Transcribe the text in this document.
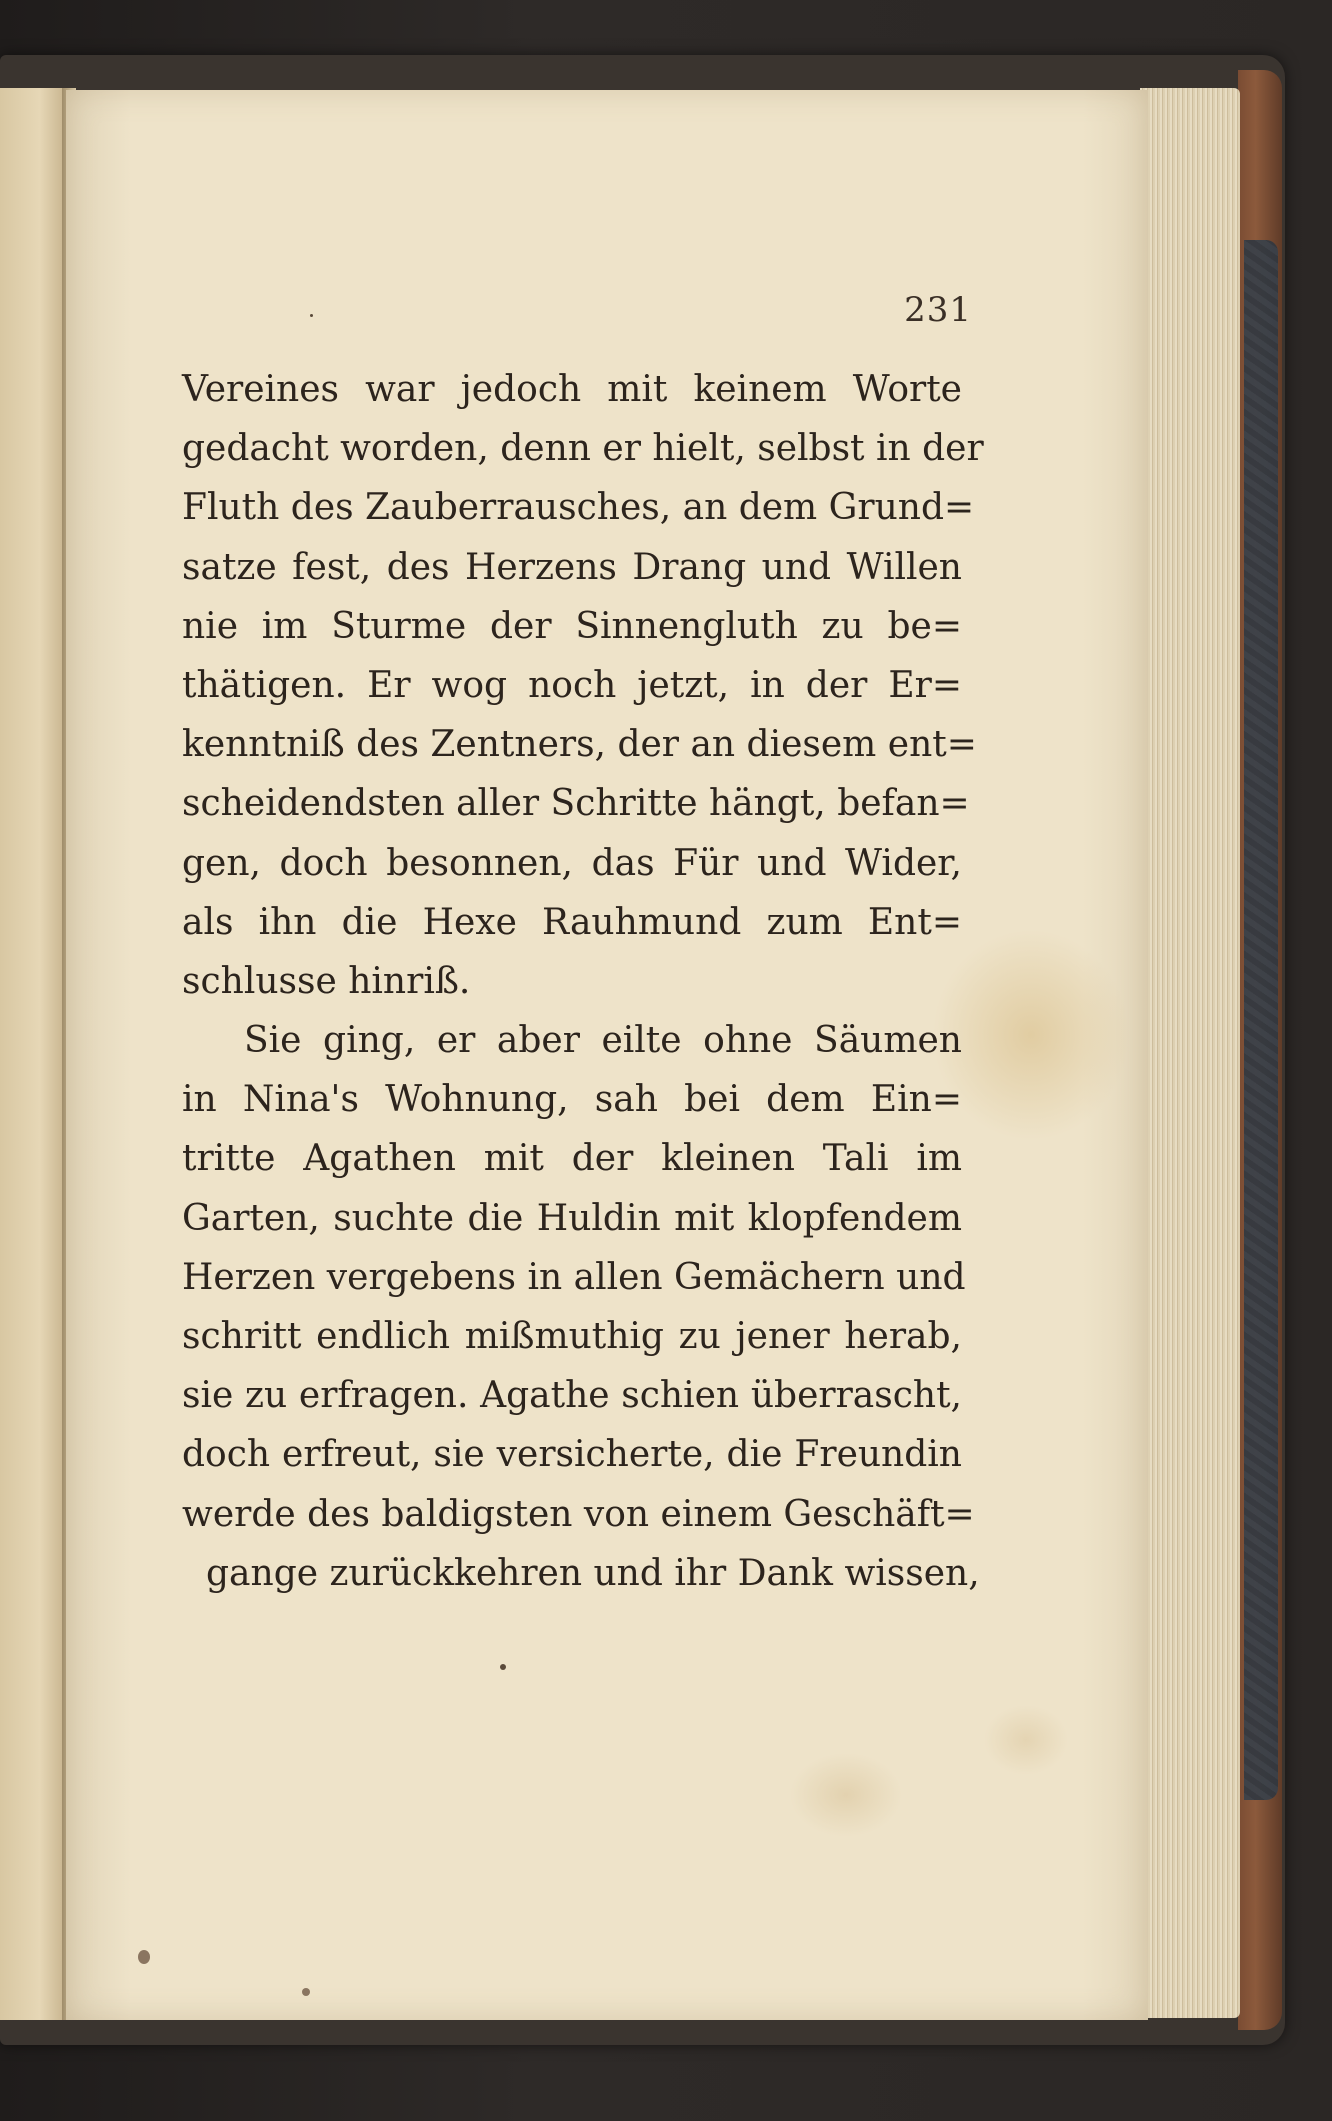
231
Vereines war jedoch mit keinem Worte
gedacht worden, denn er hielt, selbst in der
Fluth des Zauberrausches, an dem Grund=
satze fest, des Herzens Drang und Willen
nie im Sturme der Sinnengluth zu be=
thätigen. Er wog noch jetzt, in der Er=
kenntniß des Zentners, der an diesem ent=
scheidendsten aller Schritte hängt, befan=
gen, doch besonnen, das Für und Wider,
als ihn die Hexe Rauhmund zum Ent=
schlusse hinriß.
Sie ging, er aber eilte ohne Säumen
in Nina's Wohnung, sah bei dem Ein=
tritte Agathen mit der kleinen Tali im
Garten, suchte die Huldin mit klopfendem
Herzen vergebens in allen Gemächern und
schritt endlich mißmuthig zu jener herab,
sie zu erfragen. Agathe schien überrascht,
doch erfreut, sie versicherte, die Freundin
werde des baldigsten von einem Geschäft=
gange zurückkehren und ihr Dank wissen,
